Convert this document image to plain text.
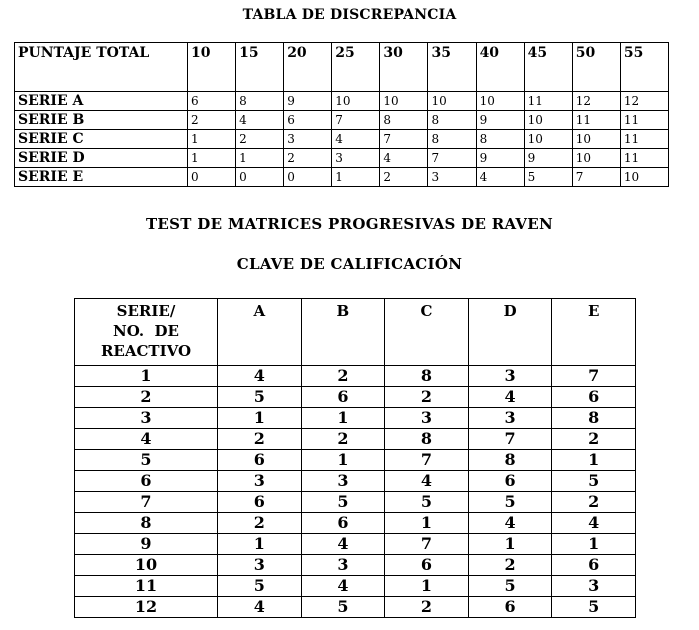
TABLA DE DISCREPANCIA
PUNTAJE TOTAL	10	15	20	25	30	35	40	45	50	55
SERIE A	6	8	9	10	10	10	10	11	12	12
SERIE B	2	4	6	7	8	8	9	10	11	11
SERIE C	1	2	3	4	7	8	8	10	10	11
SERIE D	1	1	2	3	4	7	9	9	10	11
SERIE E	0	0	0	1	2	3	4	5	7	10
TEST DE MATRICES PROGRESIVAS DE RAVEN
CLAVE DE CALIFICACIÓN
SERIE/
NO.  DE
REACTIVO	A	B	C	D	E
1	4	2	8	3	7
2	5	6	2	4	6
3	1	1	3	3	8
4	2	2	8	7	2
5	6	1	7	8	1
6	3	3	4	6	5
7	6	5	5	5	2
8	2	6	1	4	4
9	1	4	7	1	1
10	3	3	6	2	6
11	5	4	1	5	3
12	4	5	2	6	5
